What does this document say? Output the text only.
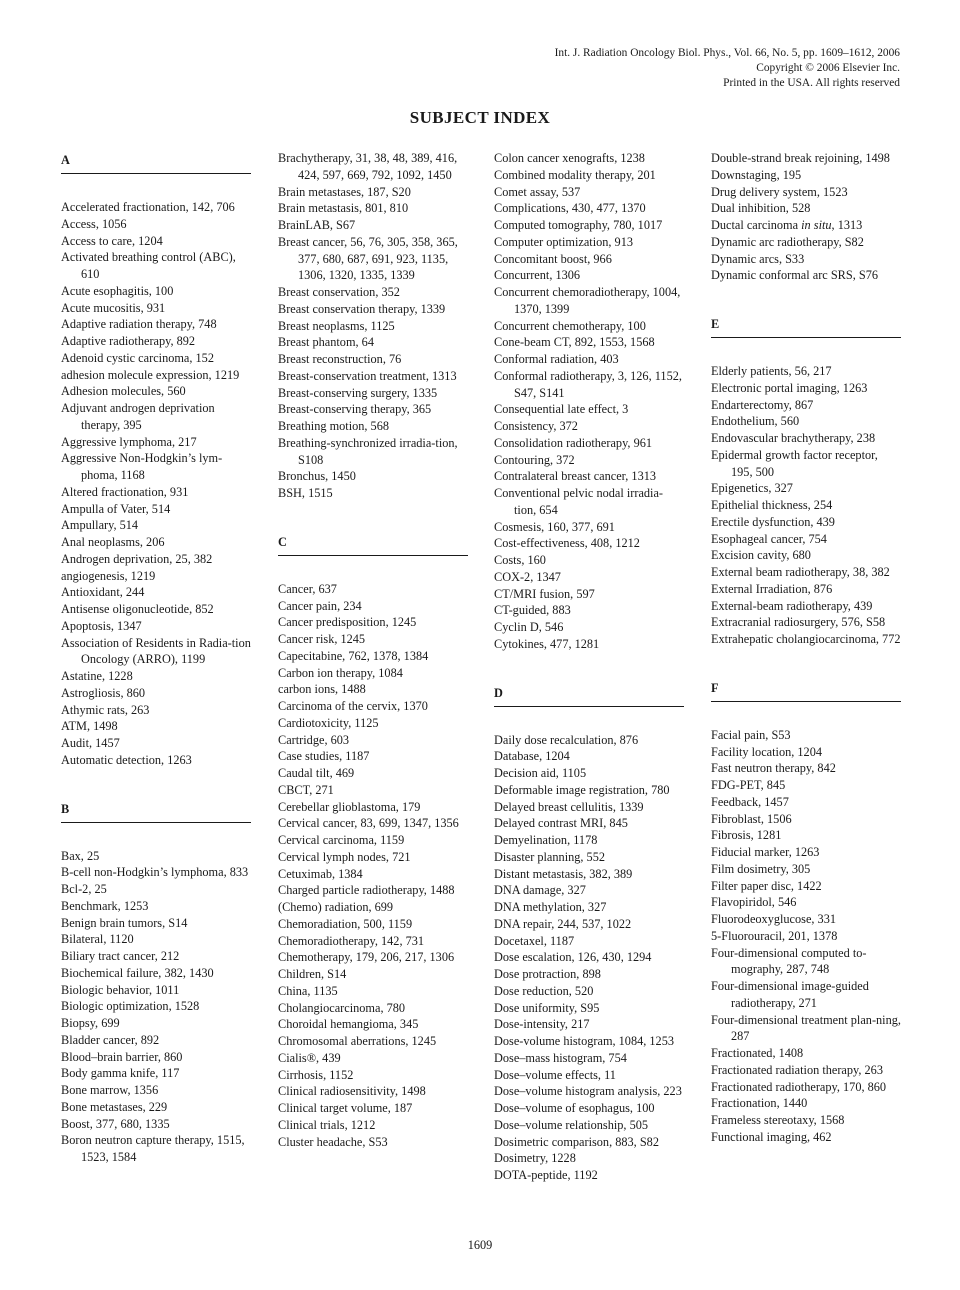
Int. J. Radiation Oncology Biol. Phys., Vol. 66, No. 5, pp. 1609–1612, 2006
Copyright © 2006 Elsevier Inc.
Printed in the USA. All rights reserved
SUBJECT INDEX
A
Accelerated fractionation, 142, 706
Access, 1056
Access to care, 1204
Activated breathing control (ABC), 610
Acute esophagitis, 100
Acute mucositis, 931
Adaptive radiation therapy, 748
Adaptive radiotherapy, 892
Adenoid cystic carcinoma, 152
adhesion molecule expression, 1219
Adhesion molecules, 560
Adjuvant androgen deprivation therapy, 395
Aggressive lymphoma, 217
Aggressive Non-Hodgkin’s lym-phoma, 1168
Altered fractionation, 931
Ampulla of Vater, 514
Ampullary, 514
Anal neoplasms, 206
Androgen deprivation, 25, 382
angiogenesis, 1219
Antioxidant, 244
Antisense oligonucleotide, 852
Apoptosis, 1347
Association of Residents in Radia-tion Oncology (ARRO), 1199
Astatine, 1228
Astrogliosis, 860
Athymic rats, 263
ATM, 1498
Audit, 1457
Automatic detection, 1263
B
Bax, 25
B-cell non-Hodgkin’s lymphoma, 833
Bcl-2, 25
Benchmark, 1253
Benign brain tumors, S14
Bilateral, 1120
Biliary tract cancer, 212
Biochemical failure, 382, 1430
Biologic behavior, 1011
Biologic optimization, 1528
Biopsy, 699
Bladder cancer, 892
Blood–brain barrier, 860
Body gamma knife, 117
Bone marrow, 1356
Bone metastases, 229
Boost, 377, 680, 1335
Boron neutron capture therapy, 1515, 1523, 1584
Brachytherapy, 31, 38, 48, 389, 416, 424, 597, 669, 792, 1092, 1450
Brain metastases, 187, S20
Brain metastasis, 801, 810
BrainLAB, S67
Breast cancer, 56, 76, 305, 358, 365, 377, 680, 687, 691, 923, 1135, 1306, 1320, 1335, 1339
Breast conservation, 352
Breast conservation therapy, 1339
Breast neoplasms, 1125
Breast phantom, 64
Breast reconstruction, 76
Breast-conservation treatment, 1313
Breast-conserving surgery, 1335
Breast-conserving therapy, 365
Breathing motion, 568
Breathing-synchronized irradia-tion, S108
Bronchus, 1450
BSH, 1515
C
Cancer, 637
Cancer pain, 234
Cancer predisposition, 1245
Cancer risk, 1245
Capecitabine, 762, 1378, 1384
Carbon ion therapy, 1084
carbon ions, 1488
Carcinoma of the cervix, 1370
Cardiotoxicity, 1125
Cartridge, 603
Case studies, 1187
Caudal tilt, 469
CBCT, 271
Cerebellar glioblastoma, 179
Cervical cancer, 83, 699, 1347, 1356
Cervical carcinoma, 1159
Cervical lymph nodes, 721
Cetuximab, 1384
Charged particle radiotherapy, 1488
(Chemo) radiation, 699
Chemoradiation, 500, 1159
Chemoradiotherapy, 142, 731
Chemotherapy, 179, 206, 217, 1306
Children, S14
China, 1135
Cholangiocarcinoma, 780
Choroidal hemangioma, 345
Chromosomal aberrations, 1245
Cialis®, 439
Cirrhosis, 1152
Clinical radiosensitivity, 1498
Clinical target volume, 187
Clinical trials, 1212
Cluster headache, S53
Colon cancer xenografts, 1238
Combined modality therapy, 201
Comet assay, 537
Complications, 430, 477, 1370
Computed tomography, 780, 1017
Computer optimization, 913
Concomitant boost, 966
Concurrent, 1306
Concurrent chemoradiotherapy, 1004, 1370, 1399
Concurrent chemotherapy, 100
Cone-beam CT, 892, 1553, 1568
Conformal radiation, 403
Conformal radiotherapy, 3, 126, 1152, S47, S141
Consequential late effect, 3
Consistency, 372
Consolidation radiotherapy, 961
Contouring, 372
Contralateral breast cancer, 1313
Conventional pelvic nodal irradia-tion, 654
Cosmesis, 160, 377, 691
Cost-effectiveness, 408, 1212
Costs, 160
COX-2, 1347
CT/MRI fusion, 597
CT-guided, 883
Cyclin D, 546
Cytokines, 477, 1281
D
Daily dose recalculation, 876
Database, 1204
Decision aid, 1105
Deformable image registration, 780
Delayed breast cellulitis, 1339
Delayed contrast MRI, 845
Demyelination, 1178
Disaster planning, 552
Distant metastasis, 382, 389
DNA damage, 327
DNA methylation, 327
DNA repair, 244, 537, 1022
Docetaxel, 1187
Dose escalation, 126, 430, 1294
Dose protraction, 898
Dose reduction, 520
Dose uniformity, S95
Dose-intensity, 217
Dose-volume histogram, 1084, 1253
Dose–mass histogram, 754
Dose–volume effects, 11
Dose–volume histogram analysis, 223
Dose–volume of esophagus, 100
Dose–volume relationship, 505
Dosimetric comparison, 883, S82
Dosimetry, 1228
DOTA-peptide, 1192
Double-strand break rejoining, 1498
Downstaging, 195
Drug delivery system, 1523
Dual inhibition, 528
Ductal carcinoma in situ, 1313
Dynamic arc radiotherapy, S82
Dynamic arcs, S33
Dynamic conformal arc SRS, S76
E
Elderly patients, 56, 217
Electronic portal imaging, 1263
Endarterectomy, 867
Endothelium, 560
Endovascular brachytherapy, 238
Epidermal growth factor receptor, 195, 500
Epigenetics, 327
Epithelial thickness, 254
Erectile dysfunction, 439
Esophageal cancer, 754
Excision cavity, 680
External beam radiotherapy, 38, 382
External Irradiation, 876
External-beam radiotherapy, 439
Extracranial radiosurgery, 576, S58
Extrahepatic cholangiocarcinoma, 772
F
Facial pain, S53
Facility location, 1204
Fast neutron therapy, 842
FDG-PET, 845
Feedback, 1457
Fibroblast, 1506
Fibrosis, 1281
Fiducial marker, 1263
Film dosimetry, 305
Filter paper disc, 1422
Flavopiridol, 546
Fluorodeoxyglucose, 331
5-Fluorouracil, 201, 1378
Four-dimensional computed to-mography, 287, 748
Four-dimensional image-guided radiotherapy, 271
Four-dimensional treatment plan-ning, 287
Fractionated, 1408
Fractionated radiation therapy, 263
Fractionated radiotherapy, 170, 860
Fractionation, 1440
Frameless stereotaxy, 1568
Functional imaging, 462
1609
